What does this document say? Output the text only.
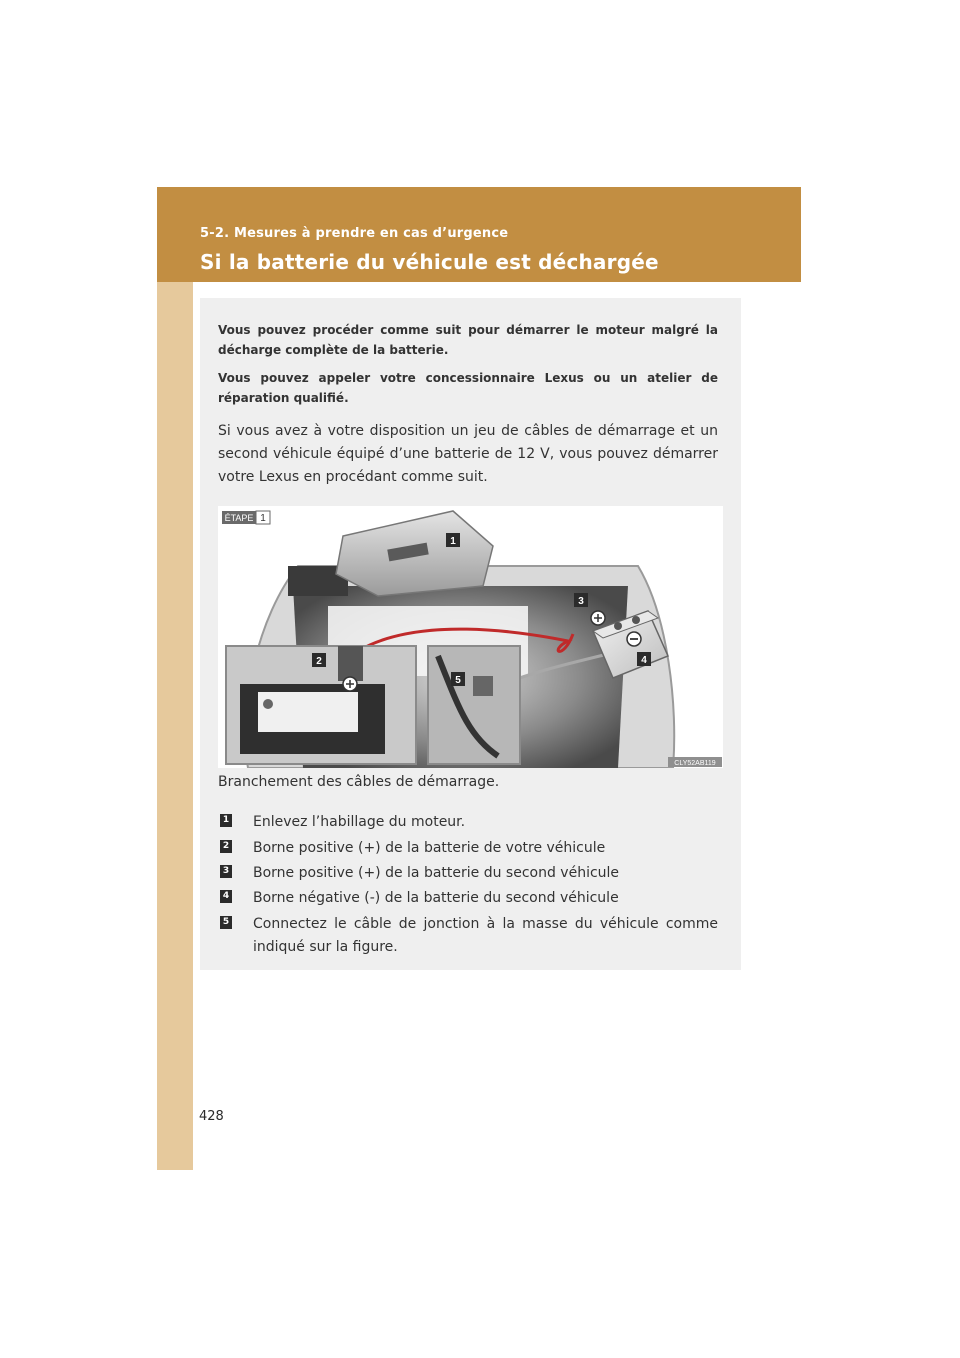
5-2. Mesures à prendre en cas d’urgence
Si la batterie du véhicule est déchargée
Vous pouvez procéder comme suit pour démarrer le moteur malgré la décharge complète de la batterie.
Vous pouvez appeler votre concessionnaire Lexus ou un atelier de réparation qualifié.
Si vous avez à votre disposition un jeu de câbles de démarrage et un second véhicule équipé d’une batterie de 12 V, vous pouvez démarrer votre Lexus en procédant comme suit.
ÉTAPE 1
1
2
3
4
5
CLY52AB119
Branchement des câbles de démarrage.
1 Enlevez l’habillage du moteur.
2 Borne positive (+) de la batterie de votre véhicule
3 Borne positive (+) de la batterie du second véhicule
4 Borne négative (-) de la batterie du second véhicule
5 Connectez le câble de jonction à la masse du véhicule comme indiqué sur la figure.
428
